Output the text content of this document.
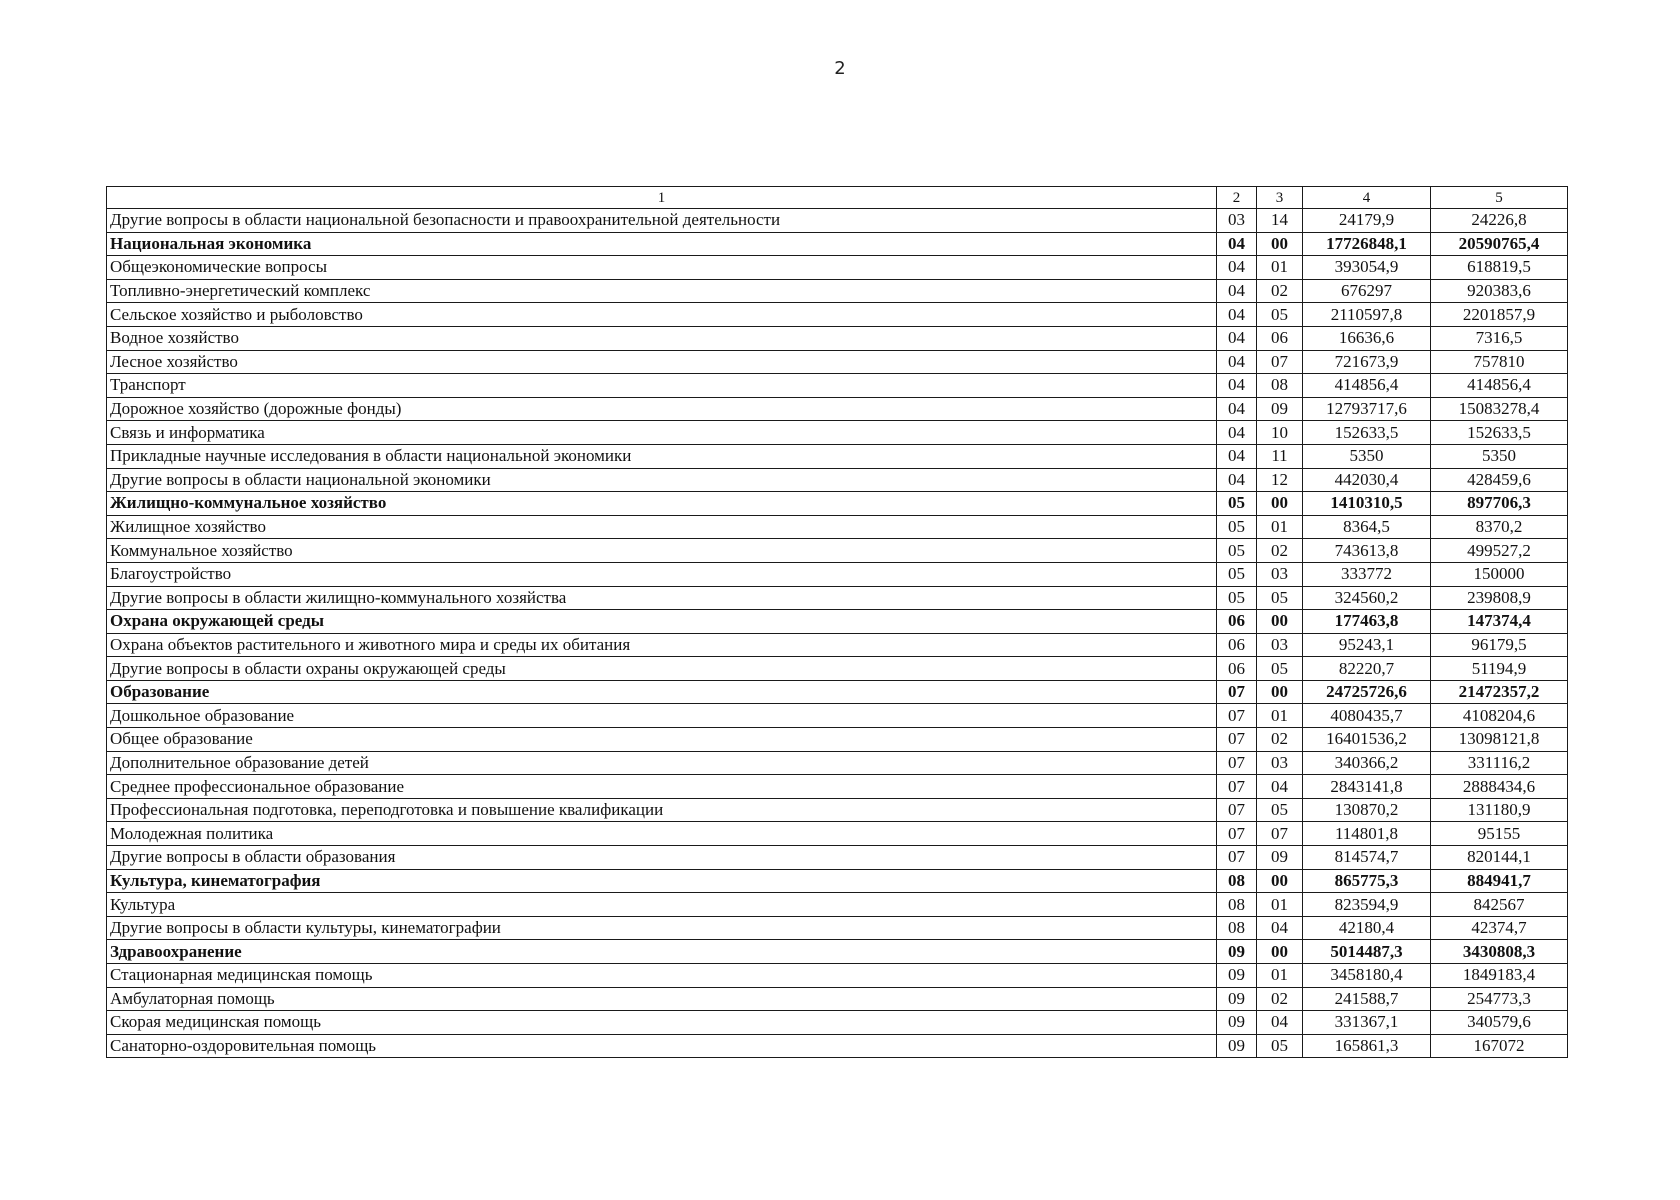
2
1	2	3	4	5
Другие вопросы в области национальной безопасности и правоохранительной деятельности	03	14	24179,9	24226,8
Национальная экономика	04	00	17726848,1	20590765,4
Общеэкономические вопросы	04	01	393054,9	618819,5
Топливно-энергетический комплекс	04	02	676297	920383,6
Сельское хозяйство и рыболовство	04	05	2110597,8	2201857,9
Водное хозяйство	04	06	16636,6	7316,5
Лесное хозяйство	04	07	721673,9	757810
Транспорт	04	08	414856,4	414856,4
Дорожное хозяйство (дорожные фонды)	04	09	12793717,6	15083278,4
Связь и информатика	04	10	152633,5	152633,5
Прикладные научные исследования в области национальной экономики	04	11	5350	5350
Другие вопросы в области национальной экономики	04	12	442030,4	428459,6
Жилищно-коммунальное хозяйство	05	00	1410310,5	897706,3
Жилищное хозяйство	05	01	8364,5	8370,2
Коммунальное хозяйство	05	02	743613,8	499527,2
Благоустройство	05	03	333772	150000
Другие вопросы в области жилищно-коммунального хозяйства	05	05	324560,2	239808,9
Охрана окружающей среды	06	00	177463,8	147374,4
Охрана объектов растительного и животного мира и среды их обитания	06	03	95243,1	96179,5
Другие вопросы в области охраны окружающей среды	06	05	82220,7	51194,9
Образование	07	00	24725726,6	21472357,2
Дошкольное образование	07	01	4080435,7	4108204,6
Общее образование	07	02	16401536,2	13098121,8
Дополнительное образование детей	07	03	340366,2	331116,2
Среднее профессиональное образование	07	04	2843141,8	2888434,6
Профессиональная подготовка, переподготовка и повышение квалификации	07	05	130870,2	131180,9
Молодежная политика	07	07	114801,8	95155
Другие вопросы в области образования	07	09	814574,7	820144,1
Культура, кинематография	08	00	865775,3	884941,7
Культура	08	01	823594,9	842567
Другие вопросы в области культуры, кинематографии	08	04	42180,4	42374,7
Здравоохранение	09	00	5014487,3	3430808,3
Стационарная медицинская помощь	09	01	3458180,4	1849183,4
Амбулаторная помощь	09	02	241588,7	254773,3
Скорая медицинская помощь	09	04	331367,1	340579,6
Санаторно-оздоровительная помощь	09	05	165861,3	167072
